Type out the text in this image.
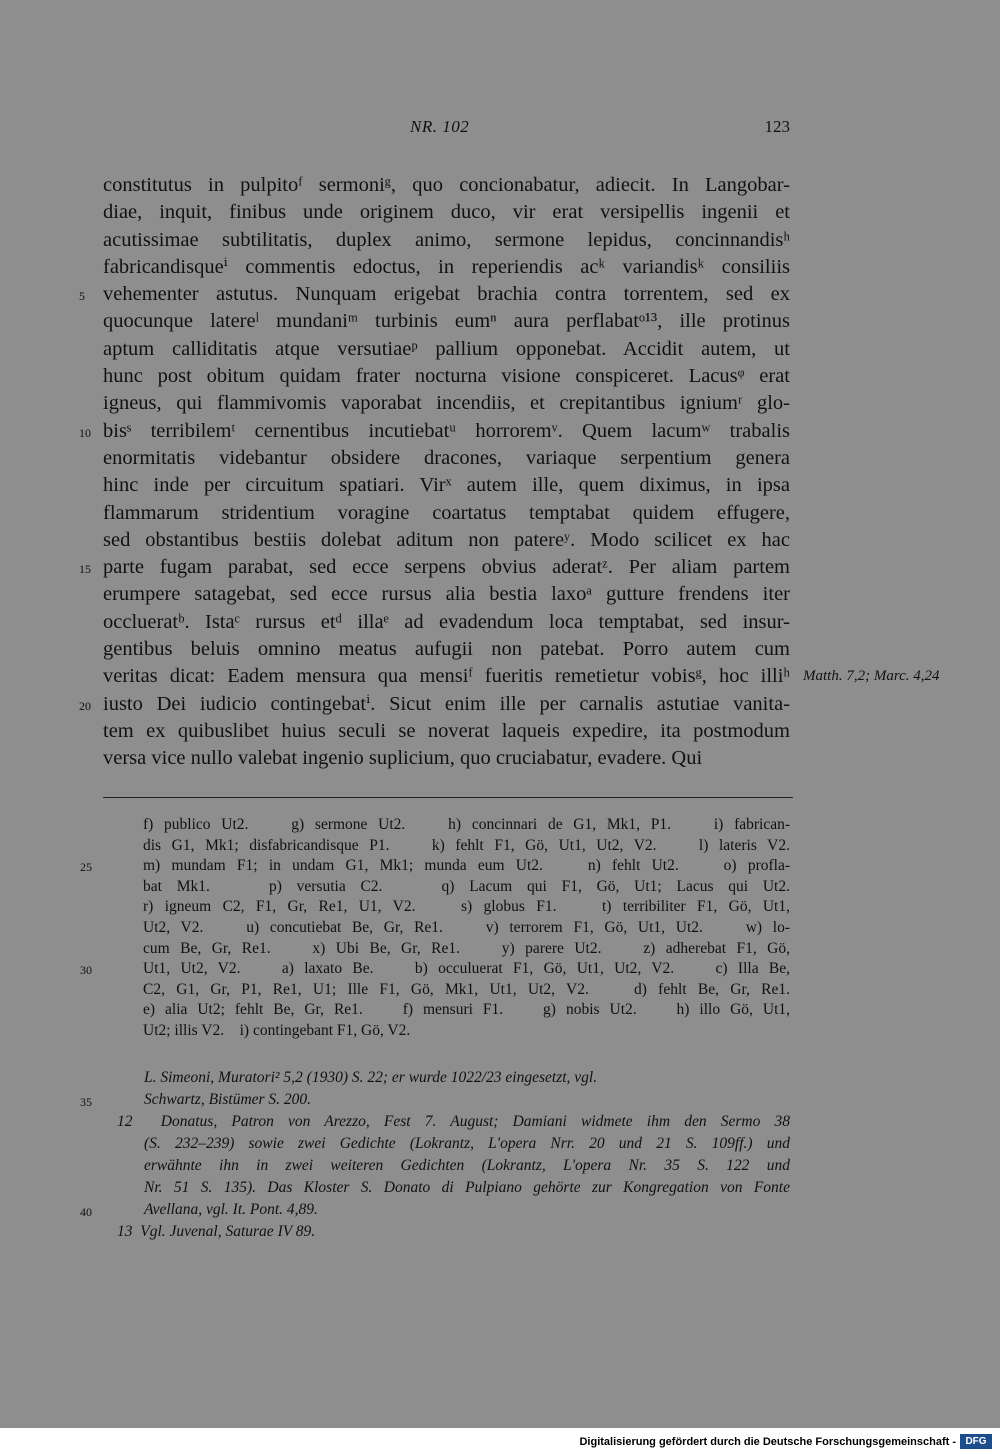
NR. 102	123
constitutus in pulpitoᶠ sermoniᵍ, quo concionabatur, adiecit. In Langobar-
diae, inquit, finibus unde originem duco, vir erat versipellis ingenii et
acutissimae subtilitatis, duplex animo, sermone lepidus, concinnandisʰ
fabricandisqueⁱ commentis edoctus, in reperiendis acᵏ variandisᵏ consiliis
5 vehementer astutus. Nunquam erigebat brachia contra torrentem, sed ex
quocunque latereˡ mundaniᵐ turbinis eumⁿ aura perflabatᵒ¹³, ille protinus
aptum calliditatis atque versutiaeᵖ pallium opponebat. Accidit autem, ut
hunc post obitum quidam frater nocturna visione conspiceret. Lacusᵠ erat
igneus, qui flammivomis vaporabat incendiis, et crepitantibus igniumʳ glo-
10 bisˢ terribilemᵗ cernentibus incutiebatᵘ horroremᵛ. Quem lacumʷ trabalis
enormitatis videbantur obsidere dracones, variaque serpentium genera
hinc inde per circuitum spatiari. Virˣ autem ille, quem diximus, in ipsa
flammarum stridentium voragine coartatus temptabat quidem effugere,
sed obstantibus bestiis dolebat aditum non patereʸ. Modo scilicet ex hac
15 parte fugam parabat, sed ecce serpens obvius aderatᶻ. Per aliam partem
erumpere satagebat, sed ecce rursus alia bestia laxoᵃ gutture frendens iter
occlueratᵇ. Istaᶜ rursus etᵈ illaᵉ ad evadendum loca temptabat, sed insur-
gentibus beluis omnino meatus aufugii non patebat. Porro autem cum
veritas dicat: Eadem mensura qua mensiᶠ fueritis remetietur vobisᵍ, hoc illiʰ Matth. 7,2; Marc. 4,24
20 iusto Dei iudicio contingebatⁱ. Sicut enim ille per carnalis astutiae vanita-
tem ex quibuslibet huius seculi se noverat laqueis expedire, ita postmodum
versa vice nullo valebat ingenio suplicium, quo cruciabatur, evadere. Qui
f) publico Ut2.    g) sermone Ut2.    h) concinnari de G1, Mk1, P1.    i) fabrican-
dis G1, Mk1; disfabricandisque P1.    k) fehlt F1, Gö, Ut1, Ut2, V2.    l) lateris V2.
25	m) mundam F1; in undam G1, Mk1; munda eum Ut2.    n) fehlt Ut2.    o) profla-
bat Mk1.    p) versutia C2.    q) Lacum qui F1, Gö, Ut1; Lacus qui Ut2.
r) igneum C2, F1, Gr, Re1, U1, V2.    s) globus F1.    t) terribiliter F1, Gö, Ut1,
Ut2, V2.    u) concutiebat Be, Gr, Re1.    v) terrorem F1, Gö, Ut1, Ut2.    w) lo-
cum Be, Gr, Re1.    x) Ubi Be, Gr, Re1.    y) parere Ut2.    z) adherebat F1, Gö,
30	Ut1, Ut2, V2.    a) laxato Be.    b) occuluerat F1, Gö, Ut1, Ut2, V2.    c) Illa Be,
C2, G1, Gr, P1, Re1, U1; Ille F1, Gö, Mk1, Ut1, Ut2, V2.    d) fehlt Be, Gr, Re1.
e) alia Ut2; fehlt Be, Gr, Re1.    f) mensuri F1.    g) nobis Ut2.    h) illo Gö, Ut1,
Ut2; illis V2.    i) contingebant F1, Gö, V2.
L. Simeoni, Muratori² 5,2 (1930) S. 22; er wurde 1022/23 eingesetzt, vgl.
35	Schwartz, Bistümer S. 200.
12  Donatus, Patron von Arezzo, Fest 7. August; Damiani widmete ihm den Sermo 38
(S. 232–239) sowie zwei Gedichte (Lokrantz, L'opera Nrr. 20 und 21 S. 109ff.) und
erwähnte ihn in zwei weiteren Gedichten (Lokrantz, L'opera Nr. 35 S. 122 und
Nr. 51 S. 135). Das Kloster S. Donato di Pulpiano gehörte zur Kongregation von Fonte
40	Avellana, vgl. It. Pont. 4,89.
13  Vgl. Juvenal, Saturae IV 89.
Digitalisierung gefördert durch die Deutsche Forschungsgemeinschaft - DFG
